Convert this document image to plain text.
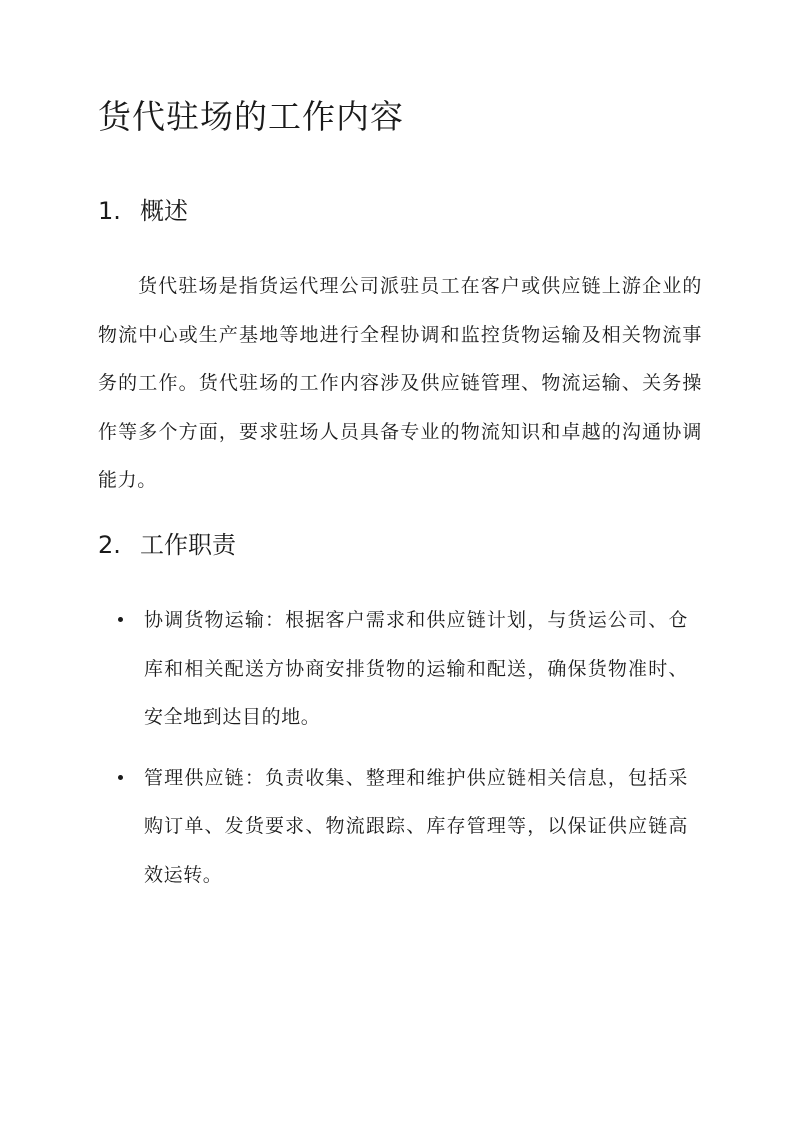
货代驻场的工作内容
1. 概述

货代驻场是指货运代理公司派驻员工在客户或供应链上游企业的物流中心或生产基地等地进行全程协调和监控货物运输及相关物流事务的工作。货代驻场的工作内容涉及供应链管理、物流运输、关务操作等多个方面，要求驻场人员具备专业的物流知识和卓越的沟通协调能力。

2. 工作职责
协调货物运输：根据客户需求和供应链计划，与货运公司、仓库和相关配送方协商安排货物的运输和配送，确保货物准时、安全地到达目的地。
管理供应链：负责收集、整理和维护供应链相关信息，包括采购订单、发货要求、物流跟踪、库存管理等，以保证供应链高效运转。
